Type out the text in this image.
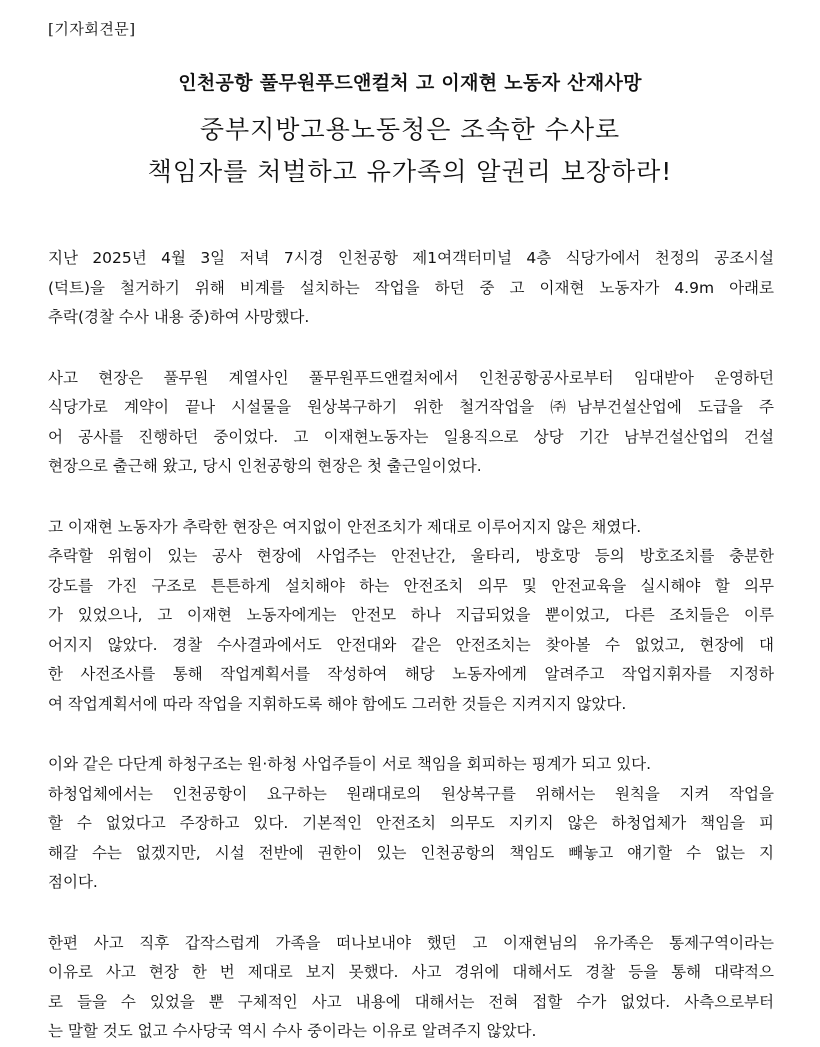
[기자회견문]
인천공항 풀무원푸드앤컬처 고 이재현 노동자 산재사망
중부지방고용노동청은 조속한 수사로
책임자를 처벌하고 유가족의 알권리 보장하라!
지난 2025년 4월 3일 저녁 7시경 인천공항 제1여객터미널 4층 식당가에서 천정의 공조시설
(덕트)을 철거하기 위해 비계를 설치하는 작업을 하던 중 고 이재현 노동자가 4.9m 아래로
추락(경찰 수사 내용 중)하여 사망했다.
사고 현장은 풀무원 계열사인 풀무원푸드앤컬처에서 인천공항공사로부터 임대받아 운영하던
식당가로 계약이 끝나 시설물을 원상복구하기 위한 철거작업을 ㈜남부건설산업에 도급을 주
어 공사를 진행하던 중이었다. 고 이재현노동자는 일용직으로 상당 기간 남부건설산업의 건설
현장으로 출근해 왔고, 당시 인천공항의 현장은 첫 출근일이었다.
고 이재현 노동자가 추락한 현장은 여지없이 안전조치가 제대로 이루어지지 않은 채였다.
추락할 위험이 있는 공사 현장에 사업주는 안전난간, 울타리, 방호망 등의 방호조치를 충분한
강도를 가진 구조로 튼튼하게 설치해야 하는 안전조치 의무 및 안전교육을 실시해야 할 의무
가 있었으나, 고 이재현 노동자에게는 안전모 하나 지급되었을 뿐이었고, 다른 조치들은 이루
어지지 않았다. 경찰 수사결과에서도 안전대와 같은 안전조치는 찾아볼 수 없었고, 현장에 대
한 사전조사를 통해 작업계획서를 작성하여 해당 노동자에게 알려주고 작업지휘자를 지정하
여 작업계획서에 따라 작업을 지휘하도록 해야 함에도 그러한 것들은 지켜지지 않았다.
이와 같은 다단계 하청구조는 원·하청 사업주들이 서로 책임을 회피하는 핑계가 되고 있다.
하청업체에서는 인천공항이 요구하는 원래대로의 원상복구를 위해서는 원칙을 지켜 작업을
할 수 없었다고 주장하고 있다. 기본적인 안전조치 의무도 지키지 않은 하청업체가 책임을 피
해갈 수는 없겠지만, 시설 전반에 권한이 있는 인천공항의 책임도 빼놓고 얘기할 수 없는 지
점이다.
한편 사고 직후 갑작스럽게 가족을 떠나보내야 했던 고 이재현님의 유가족은 통제구역이라는
이유로 사고 현장 한 번 제대로 보지 못했다. 사고 경위에 대해서도 경찰 등을 통해 대략적으
로 들을 수 있었을 뿐 구체적인 사고 내용에 대해서는 전혀 접할 수가 없었다. 사측으로부터
는 말할 것도 없고 수사당국 역시 수사 중이라는 이유로 알려주지 않았다.
